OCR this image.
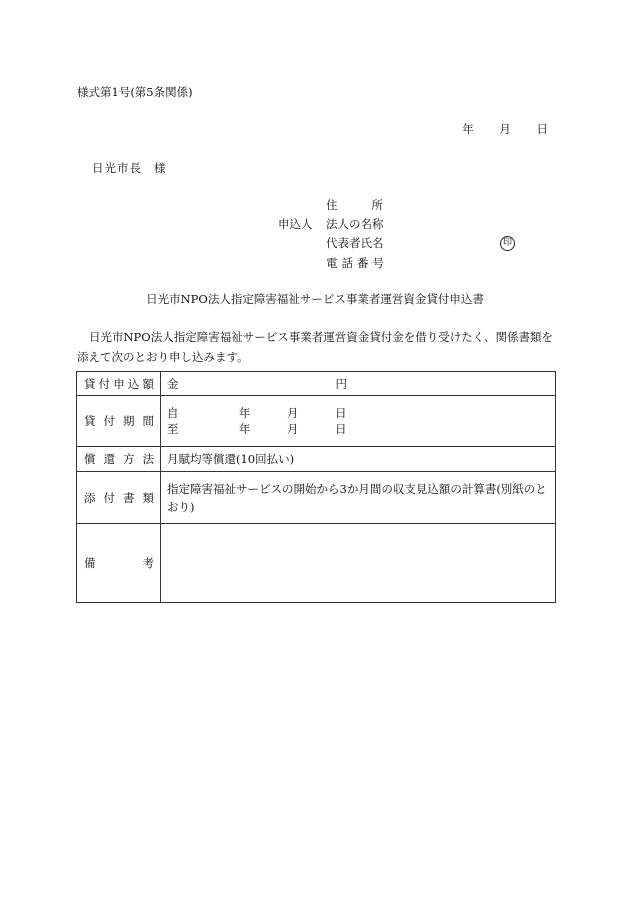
様式第1号(第5条関係)
年 月 日
日光市長 様
申込人
住	所
法人の名称
代表者氏名	印
電話番号
日光市NPO法人指定障害福祉サービス事業者運営資金貸付申込書
日光市NPO法人指定障害福祉サービス事業者運営資金貸付金を借り受けたく、関係書類を添えて次のとおり申し込みます。
貸付申込額	金 円
貸付期間	自 年 月 日
至 年 月 日

償還方法	月賦均等償還(10回払い)
添付書類	指定障害福祉サービスの開始から3か月間の収支見込額の計算書(別紙のとおり)
備考	
